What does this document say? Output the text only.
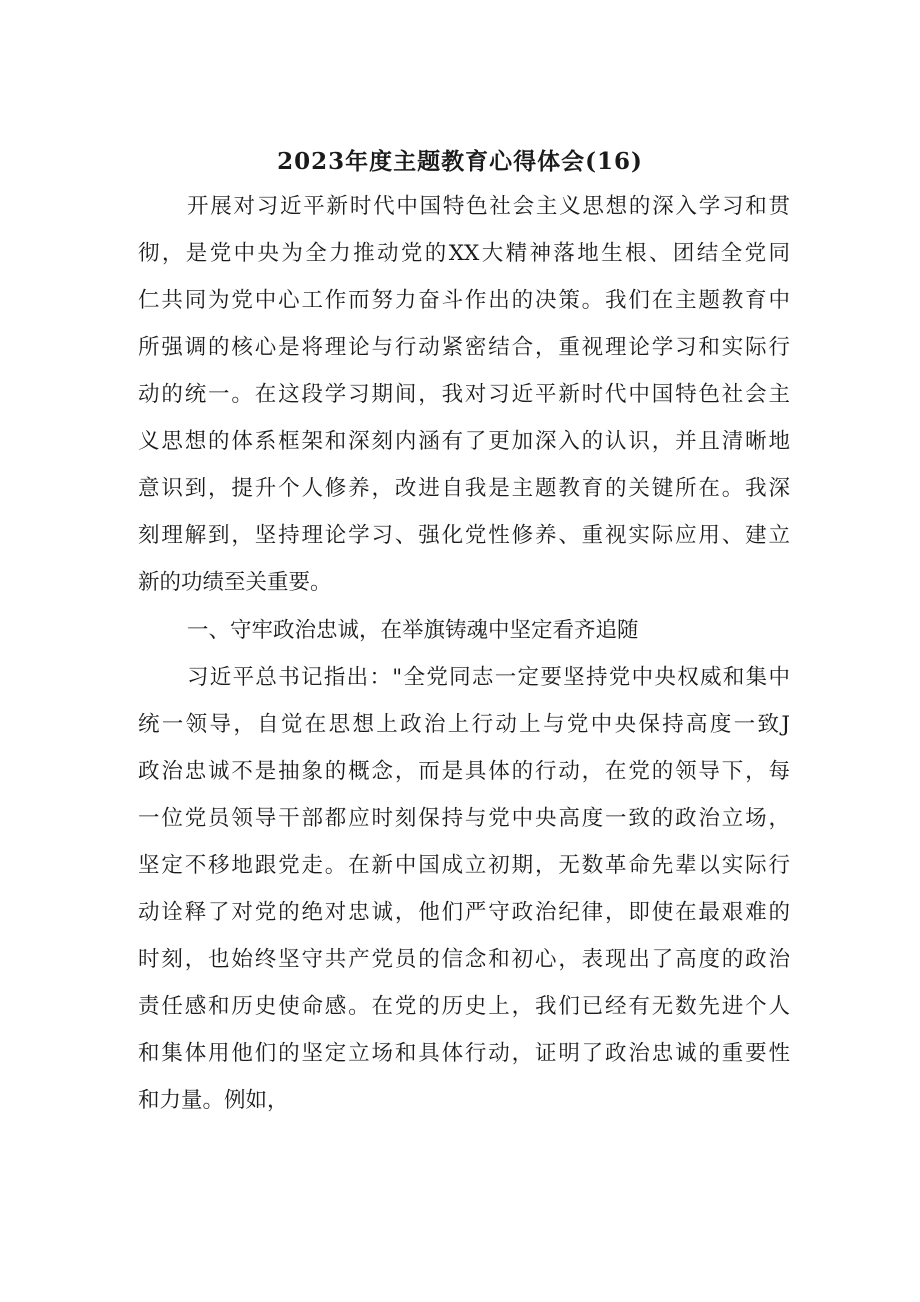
2023年度主题教育心得体会(16)

开展对习近平新时代中国特色社会主义思想的深入学习和贯

彻，是党中央为全力推动党的XX大精神落地生根、团结全党同

仁共同为党中心工作而努力奋斗作出的决策。我们在主题教育中

所强调的核心是将理论与行动紧密结合，重视理论学习和实际行

动的统一。在这段学习期间，我对习近平新时代中国特色社会主

义思想的体系框架和深刻内涵有了更加深入的认识，并且清晰地

意识到，提升个人修养，改进自我是主题教育的关键所在。我深

刻理解到，坚持理论学习、强化党性修养、重视实际应用、建立

新的功绩至关重要。

一、守牢政治忠诚，在举旗铸魂中坚定看齐追随

习近平总书记指出："全党同志一定要坚持党中央权威和集中

统一领导，自觉在思想上政治上行动上与党中央保持高度一致J

政治忠诚不是抽象的概念，而是具体的行动，在党的领导下，每

一位党员领导干部都应时刻保持与党中央高度一致的政治立场，

坚定不移地跟党走。在新中国成立初期，无数革命先辈以实际行

动诠释了对党的绝对忠诚，他们严守政治纪律，即使在最艰难的

时刻，也始终坚守共产党员的信念和初心，表现出了高度的政治

责任感和历史使命感。在党的历史上，我们已经有无数先进个人

和集体用他们的坚定立场和具体行动，证明了政治忠诚的重要性

和力量。例如，
